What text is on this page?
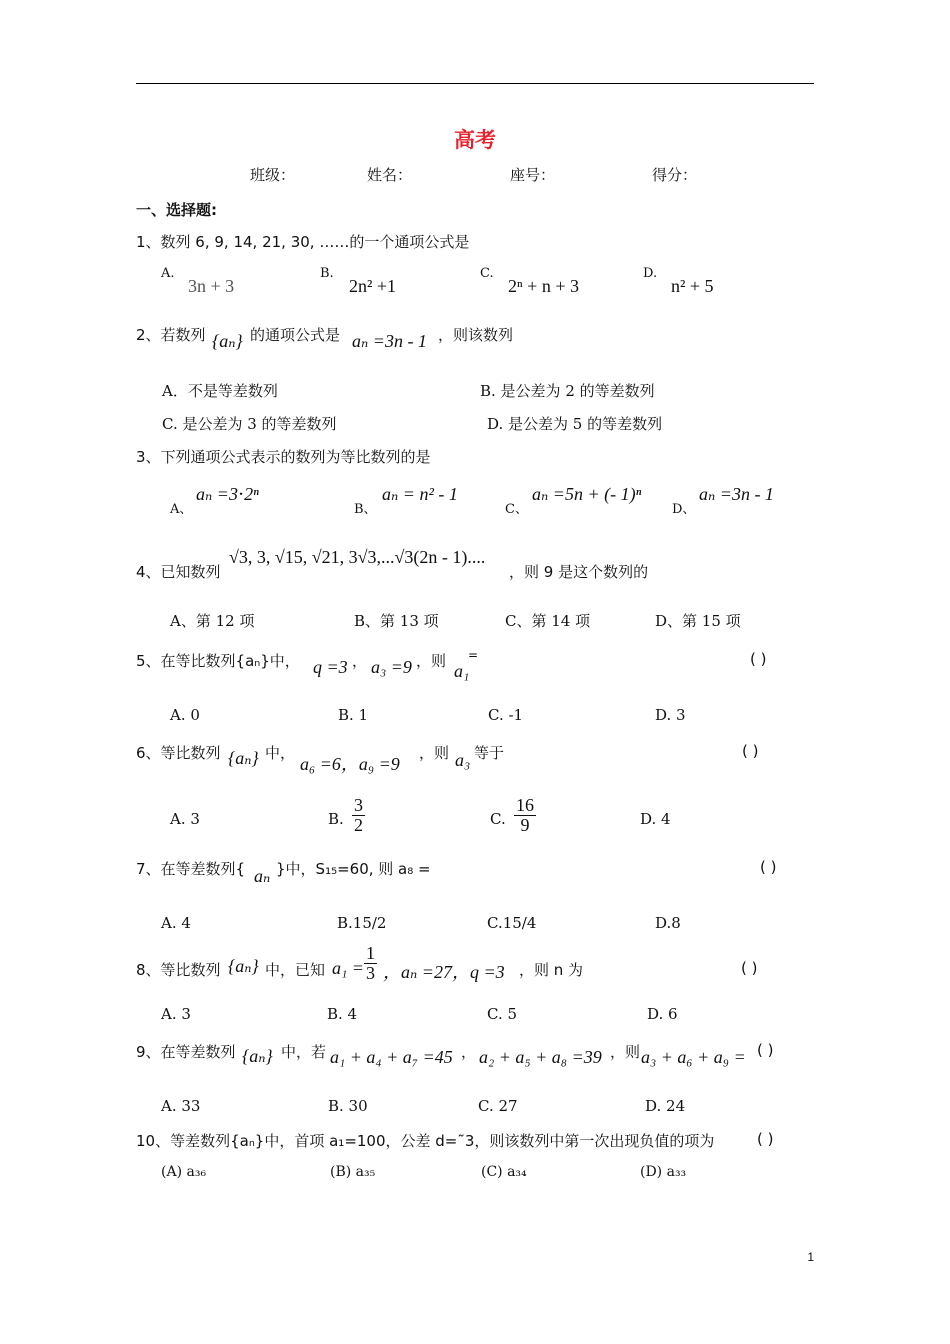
高考
班级：	姓名：	座号：	得分：
一、选择题:
1、数列 6, 9, 14, 21, 30, ……的一个通项公式是
A.
3n + 3
B.
2n² +1
C.
2ⁿ + n + 3
D.
n² + 5
2、若数列 {aₙ} 的通项公式是 aₙ =3n - 1 ，则该数列
A．不是等差数列	B. 是公差为 2 的等差数列
C. 是公差为 3 的等差数列	D. 是公差为 5 的等差数列
3、下列通项公式表示的数列为等比数列的是
A、
aₙ =3⋅2ⁿ
B、
aₙ = n² - 1
C、
aₙ =5n + (- 1)ⁿ
D、
aₙ =3n - 1
4、已知数列
√3, 3, √15, √21, 3√3,...√3(2n - 1)....
，则 9 是这个数列的
A、第 12 项	B、第 13 项	C、第 14 项	D、第 15 项
5、在等比数列{aₙ}中， q =3 ， a₃ =9 ，则 a₁
=	( )
A. 0	B. 1	C. -1	D. 3
6、等比数列 {aₙ} 中，
a₆ =6，a₉ =9
，则 a₃ 等于	( )
A. 3	B. $\frac{3}{2}$	C. $\frac{16}{9}$	D. 4
7、在等差数列{ aₙ }中，S₁₅=60, 则 a₈ =	( )
A. 4	B.15/2	C.15/4	D.8
8、等比数列 {aₙ} 中，已知 $a_1 = \frac{1}{3}$ ，aₙ =27，q =3 ，则 n 为	( )
A. 3	B. 4	C. 5	D. 6
9、在等差数列 {aₙ} 中，若 a₁ + a₄ + a₇ =45 ， a₂ + a₅ + a₈ =39 ，则 a₃ + a₆ + a₉ = ( )
A. 33	B. 30	C. 27	D. 24
10、等差数列{aₙ}中，首项 a₁=100，公差 d=˜3，则该数列中第一次出现负值的项为	( )
(A) a₃₆	(B) a₃₅	(C) a₃₄	(D) a₃₃
1
